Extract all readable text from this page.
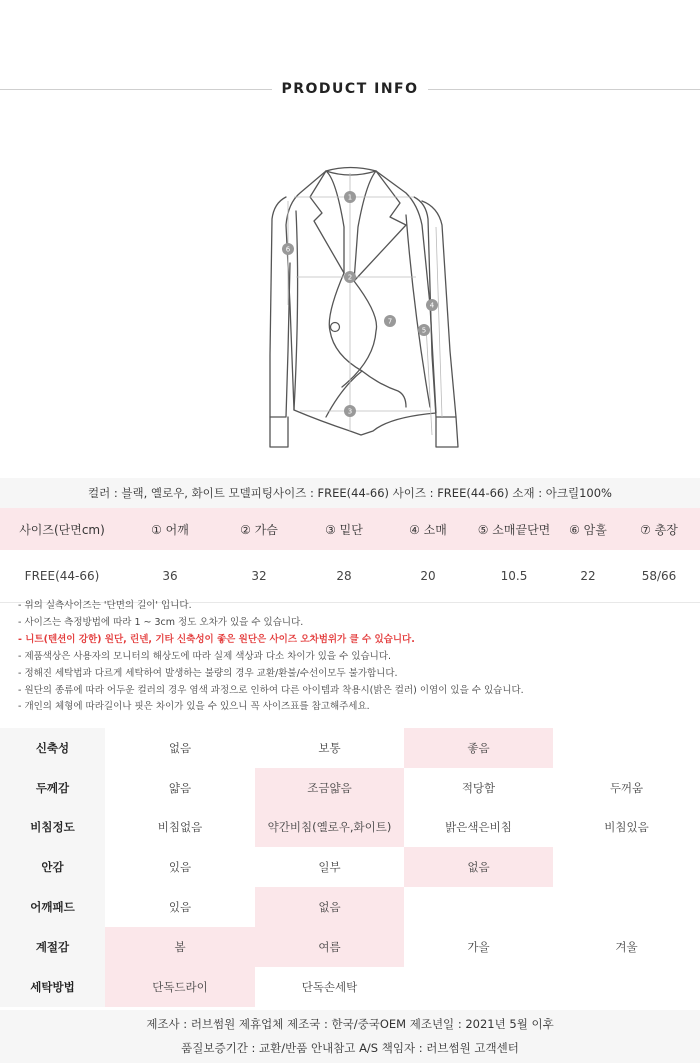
PRODUCT INFO
1
2
3
4
5
6
7
컬러 : 블랙, 옐로우, 화이트 모델피팅사이즈 : FREE(44-66) 사이즈 : FREE(44-66) 소재 : 아크릴100%
사이즈(단면cm)	① 어깨	② 가슴	③ 밑단	④ 소매	⑤ 소매끝단면	⑥ 암홀	⑦ 총장
FREE(44-66)	36	32	28	20	10.5	22	58/66
- 위의 실측사이즈는 '단면의 길이' 입니다.
- 사이즈는 측정방법에 따라 1 ~ 3cm 정도 오차가 있을 수 있습니다.
- 니트(텐션이 강한) 원단, 린넨, 기타 신축성이 좋은 원단은 사이즈 오차범위가 클 수 있습니다.
- 제품색상은 사용자의 모니터의 해상도에 따라 실제 색상과 다소 차이가 있을 수 있습니다.
- 정해진 세탁법과 다르게 세탁하여 발생하는 불량의 경우 교환/환불/수선이모두 불가합니다.
- 원단의 종류에 따라 어두운 컬러의 경우 염색 과정으로 인하여 다른 아이템과 착용시(밝은 컬러) 이염이 있을 수 있습니다.
- 개인의 체형에 따라길이나 핏은 차이가 있을 수 있으니 꼭 사이즈표를 참고해주세요.
신축성	없음	보통	좋음	
두께감	얇음	조금얇음	적당함	두꺼움
비침정도	비침없음	약간비침(옐로우,화이트)	밝은색은비침	비침있음
안감	있음	일부	없음	
어깨패드	있음	없음		
계절감	봄	여름	가을	겨울
세탁방법	단독드라이	단독손세탁		
제조사 : 러브썸원 제휴업체 제조국 : 한국/중국OEM 제조년일 : 2021년 5월 이후
품질보증기간 : 교환/반품 안내참고 A/S 책임자 : 러브썸원 고객센터
